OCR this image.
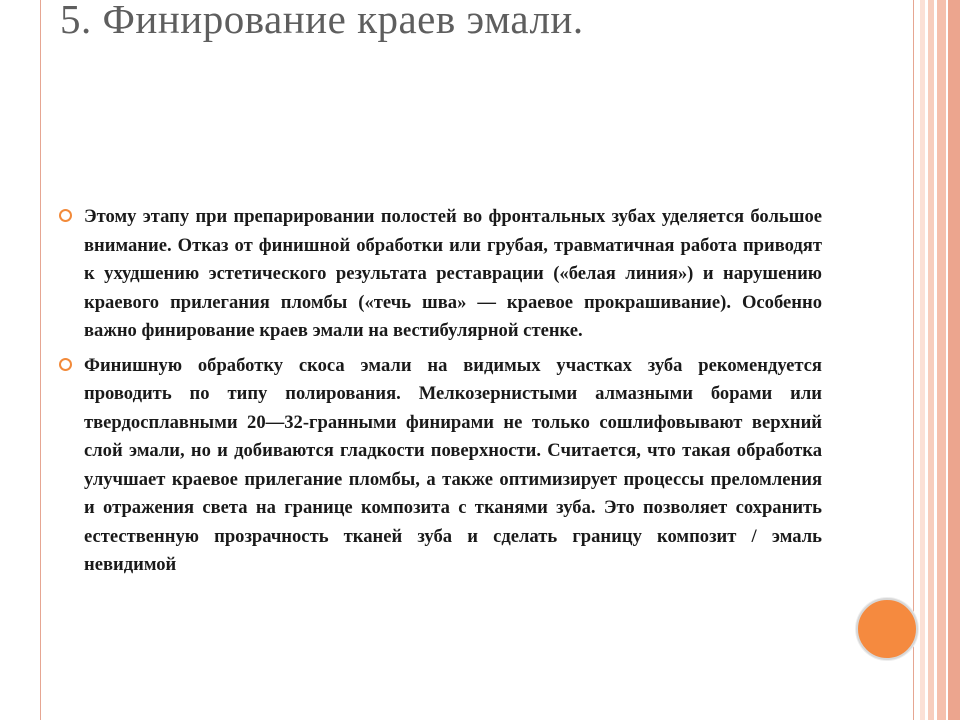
5. Финирование краев эмали.
Этому этапу при препарировании полостей во фронтальных зубах уделяется большое внимание. Отказ от финишной обработки или грубая, травматичная работа приводят к ухудшению эстетического результата реставрации («белая линия») и нарушению краевого прилегания пломбы («течь шва» — краевое прокрашивание). Особенно важно финирование краев эмали на вестибулярной стенке.
Финишную обработку скоса эмали на видимых участках зуба рекомендуется проводить по типу полирования. Мелкозернистыми алмазными борами или твердосплавными 20—32-гранными финирами не только сошлифовывают верхний слой эмали, но и добиваются гладкости поверхности. Считается, что такая обработка улучшает краевое прилегание пломбы, а также оптимизирует процессы преломления и отражения света на границе композита с тканями зуба. Это позволяет сохранить естественную прозрачность тканей зуба и сделать границу композит / эмаль невидимой
